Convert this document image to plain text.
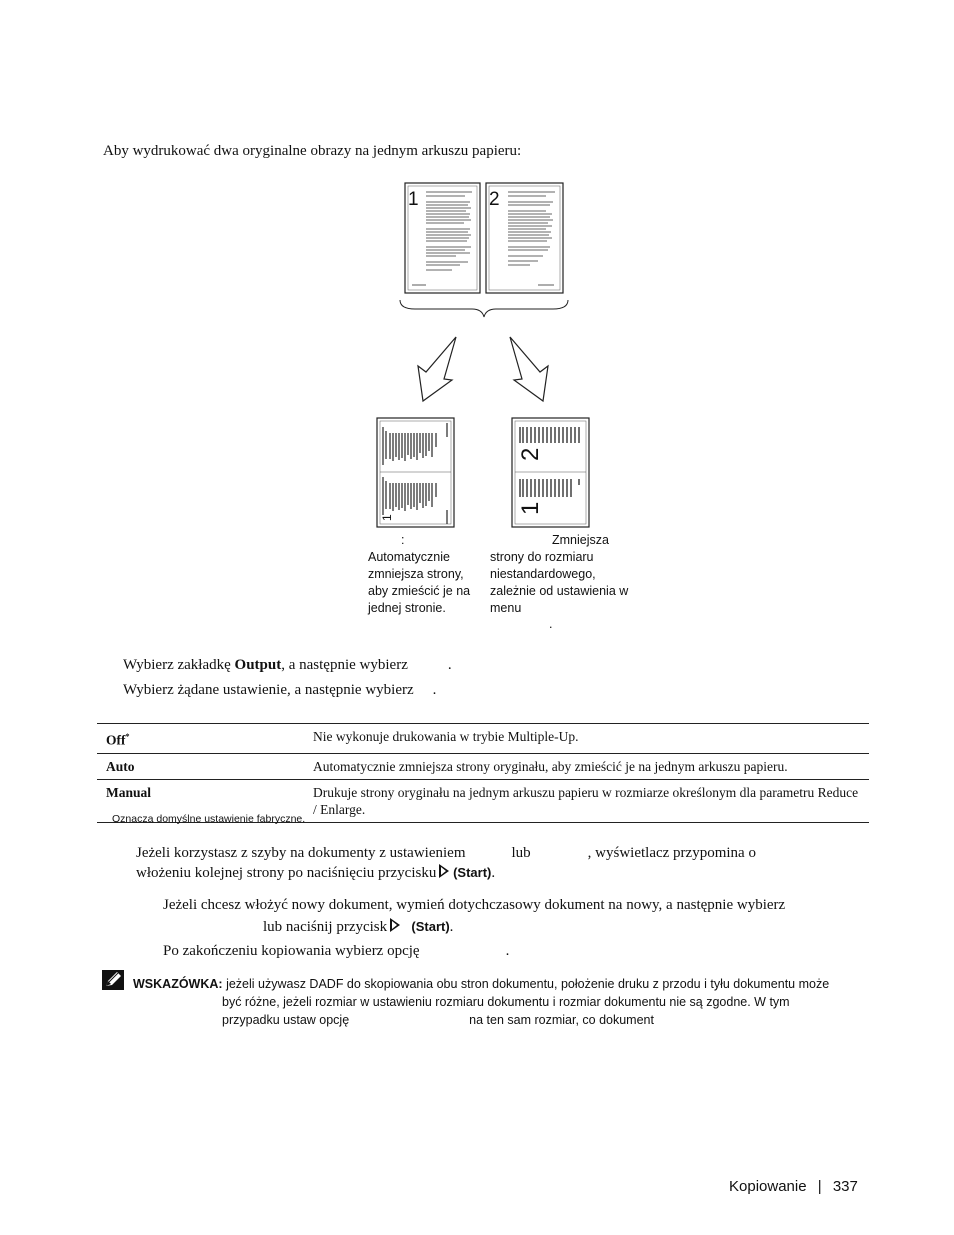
Aby wydrukować dwa oryginalne obrazy na jednym arkuszu papieru:
1	2
1
2
1
:
Automatycznie
zmniejsza strony,
aby zmieścić je na
jednej stronie.
Zmniejsza
strony do rozmiaru
niestandardowego,
zależnie od ustawienia w
menu
.
Wybierz zakładkę Output, a następnie wybierz	.
Wybierz żądane ustawienie, a następnie wybierz .
Off*	Nie wykonuje drukowania w trybie Multiple-Up.
Auto	Automatycznie zmniejsza strony oryginału, aby zmieścić je na jednym arkuszu papieru.
Manual	Drukuje strony oryginału na jednym arkuszu papieru w rozmiarze określonym dla parametru Reduce / Enlarge.
Oznacza domyślne ustawienie fabryczne.
Jeżeli korzystasz z szyby na dokumenty z ustawieniem	lub	, wyświetlacz przypomina o
włożeniu kolejnej strony po naciśnięciu przycisku (Start).
Jeżeli chcesz włożyć nowy dokument, wymień dotychczasowy dokument na nowy, a następnie wybierz
lub naciśnij przycisk (Start).
Po zakończeniu kopiowania wybierz opcję	.
WSKAZÓWKA: jeżeli używasz DADF do skopiowania obu stron dokumentu, położenie druku z przodu i tyłu dokumentu może
być różne, jeżeli rozmiar w ustawieniu rozmiaru dokumentu i rozmiar dokumentu nie są zgodne. W tym
przypadku ustaw opcję	na ten sam rozmiar, co dokument
Kopiowanie | 337
